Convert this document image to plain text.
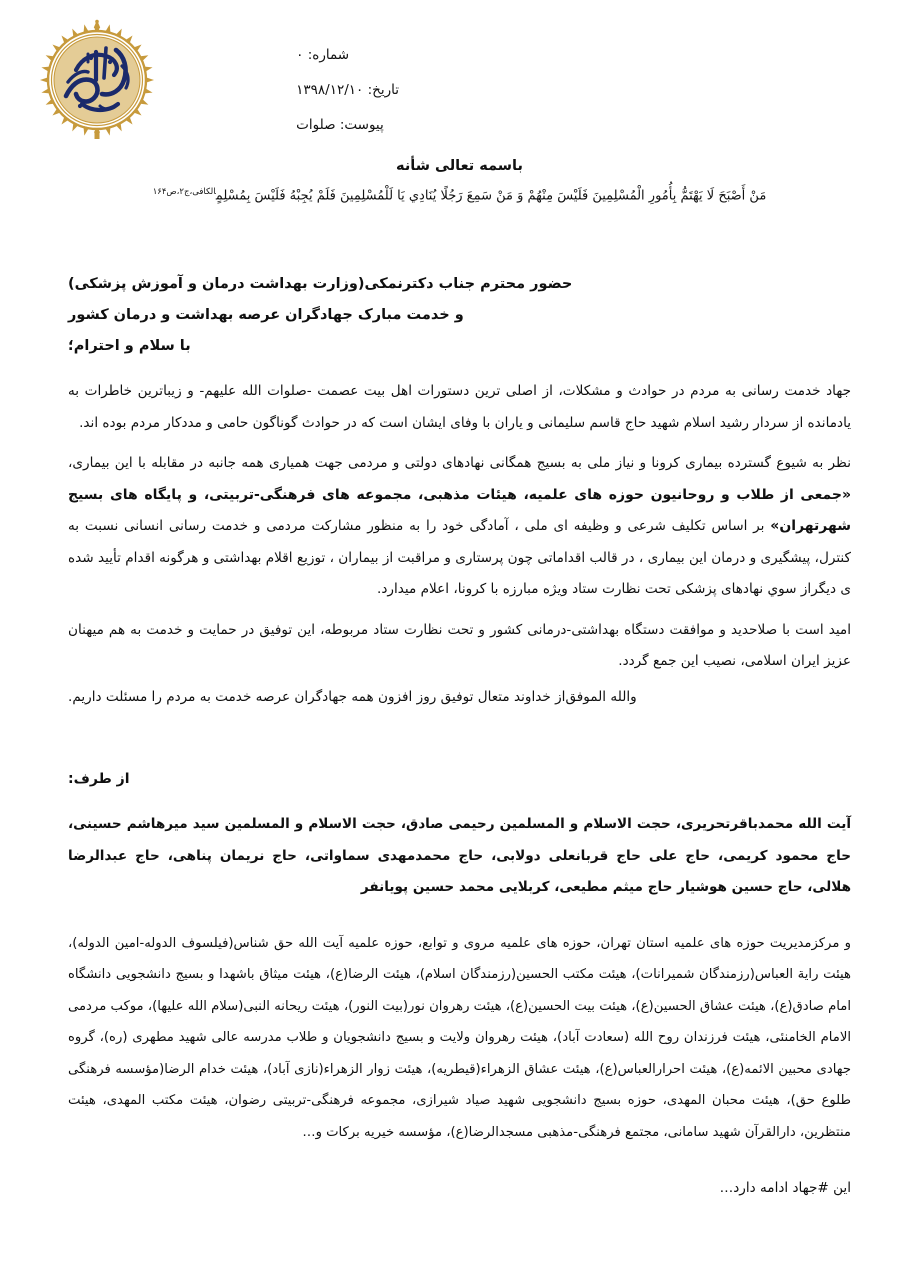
شماره: ۰
تاریخ: ۱۳۹۸/۱۲/۱۰
پیوست: صلوات
باسمه تعالی شأنه
مَنْ أَصْبَحَ لَا يَهْتَمُّ بِأُمُورِ الْمُسْلِمِينَ فَلَيْسَ مِنْهُمْ وَ مَنْ سَمِعَ رَجُلًا يُنَادِي يَا لَلْمُسْلِمِينَ فَلَمْ يُجِبْهُ فَلَيْسَ بِمُسْلِمٍ$^{الکافی،ج۲،ص۱۶۴}$
حضور محترم جناب دکترنمکی(وزارت بهداشت درمان و آموزش پزشکی)
و خدمت مبارک جهادگران عرصه بهداشت و درمان کشور
با سلام و احترام؛

جهاد خدمت رسانی به مردم در حوادث و مشکلات، از اصلی ترین دستورات اهل بیت عصمت -صلوات الله علیهم- و زیباترین خاطرات به یادمانده از سردار رشید اسلام شهید حاج قاسم سلیمانی و یاران با وفای ایشان است که در حوادث گوناگون حامی و مددکار مردم بوده اند.

نظر به شیوع گسترده بیماری کرونا و نیاز ملی به بسیج همگانی نهادهای دولتی و مردمی جهت همیاری همه جانبه در مقابله با این بیماری، «جمعی از طلاب و روحانیون حوزه های علمیه، هیئات مذهبی، مجموعه های فرهنگی-تربیتی، و پایگاه های بسیج شهرتهران» بر اساس تکلیف شرعی و وظیفه ای ملی ، آمادگی خود را به منظور مشارکت مردمی و خدمت رسانی انسانی نسبت به کنترل، پیشگیری و درمان این بیماری ، در قالب اقداماتی چون پرستاری و مراقبت از بیماران ، توزیع اقلام بهداشتی و هرگونه اقدام تأیید شده ی دیگراز سوي نهادهای پزشکی تحت نظارت ستاد ویژه مبارزه با کرونا، اعلام میدارد.

امید است با صلاحدید و موافقت دستگاه بهداشتی-درمانی کشور و تحت نظارت ستاد مربوطه، این توفیق در حمایت و خدمت به هم میهنان عزیز ایران اسلامی، نصیب این جمع گردد.

از خداوند متعال توفیق روز افزون همه جهادگران عرصه خدمت به مردم را مسئلت داریم. والله الموفق
از طرف:
آیت الله محمدباقرتحریری، حجت الاسلام و المسلمین رحیمی صادق، حجت الاسلام و المسلمین سید میرهاشم حسینی، حاج محمود کریمی، حاج علی حاج قربانعلی دولابی، حاج محمدمهدی سماواتی، حاج نریمان پناهی، حاج عبدالرضا هلالی، حاج حسین هوشیار حاج میثم مطیعی، کربلایی محمد حسین پویانفر
و مرکزمدیریت حوزه های علمیه استان تهران، حوزه های علمیه مروی و توابع، حوزه علمیه آیت الله حق شناس(فیلسوف الدوله-امین الدوله)، هیئت رایة العباس(رزمندگان شمیرانات)، هیئت مکتب الحسین(رزمندگان اسلام)، هیئت الرضا(ع)، هیئت میثاق باشهدا و بسیج دانشجویی دانشگاه امام صادق(ع)، هیئت عشاق الحسین(ع)، هیئت بیت الحسین(ع)، هیئت رهروان نور(بیت النور)، هیئت ریحانه النبی(سلام الله علیها)، موکب مردمی الامام الخامنئی، هیئت فرزندان روح الله (سعادت آباد)، هیئت رهروان ولایت و بسیج دانشجویان و طلاب مدرسه عالی شهید مطهری (ره)، گروه جهادی محبین الائمه(ع)، هیئت احرارالعباس(ع)، هیئت عشاق الزهراء(قیطریه)، هیئت زوار الزهراء(نازی آباد)، هیئت خدام الرضا(مؤسسه فرهنگی طلوع حق)، هیئت محبان المهدی، حوزه بسیج دانشجویی شهید صیاد شیرازی، مجموعه فرهنگی-تربیتی رضوان، هیئت مکتب المهدی، هیئت منتظرین، دارالقرآن شهید سامانی، مجتمع فرهنگی-مذهبی مسجدالرضا(ع)، مؤسسه خیریه برکات و…
این #جهاد ادامه دارد…
